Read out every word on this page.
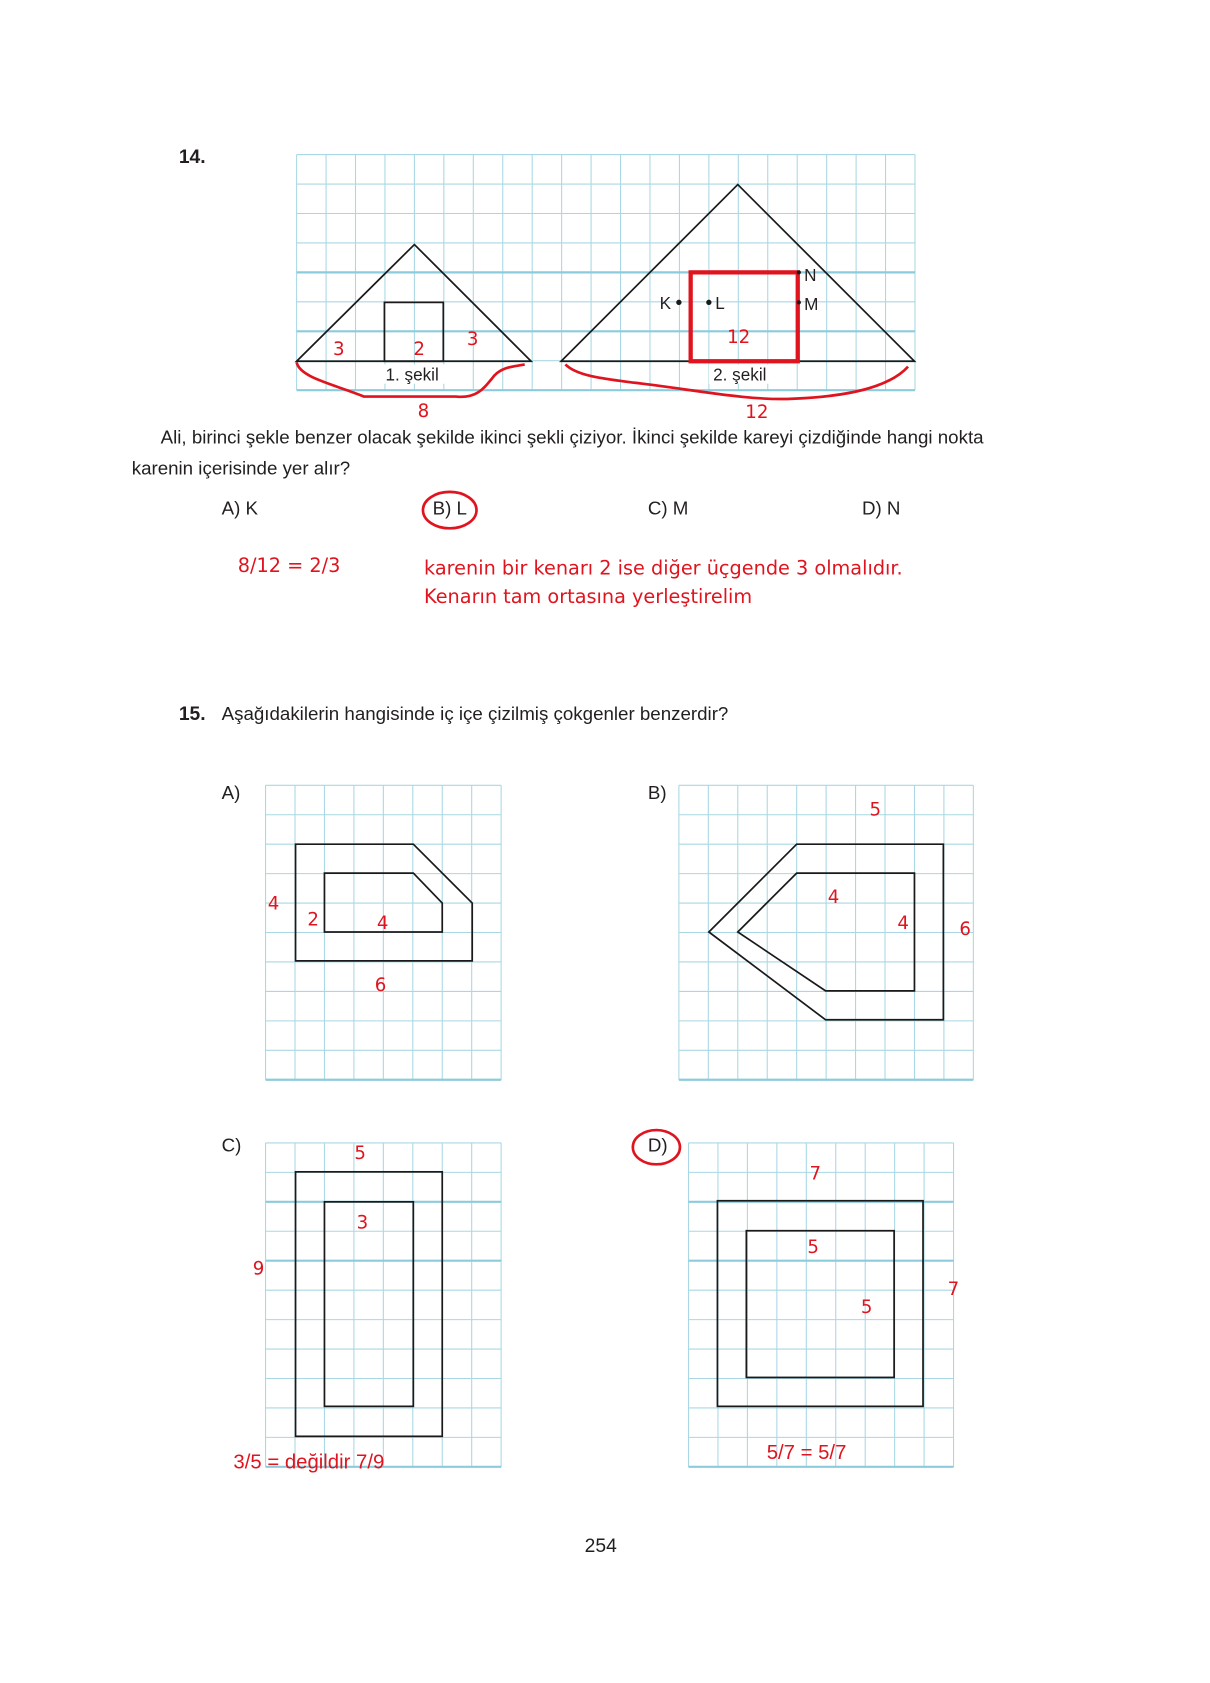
14.
1. şekil	2. şekil
K	L	M
N
3	2 3	12
8	12
Ali, birinci şekle benzer olacak şekilde ikinci şekli çiziyor. İkinci şekilde kareyi çizdiğinde hangi nokta
karenin içerisinde yer alır?
A) K	B) L	C) M	D) N
8/12 = 2/3	karenin bir kenarı 2 ise diğer üçgende 3 olmalıdır.
Kenarın tam ortasına yerleştirelim
15. Aşağıdakilerin hangisinde iç içe çizilmiş çokgenler benzerdir?
A)
4
2	4
6
B)
5
4
4	6
C)	5
3
9
3/5 = değildir 7/9
D)
7
5
5
7
5/7 = 5/7
254
